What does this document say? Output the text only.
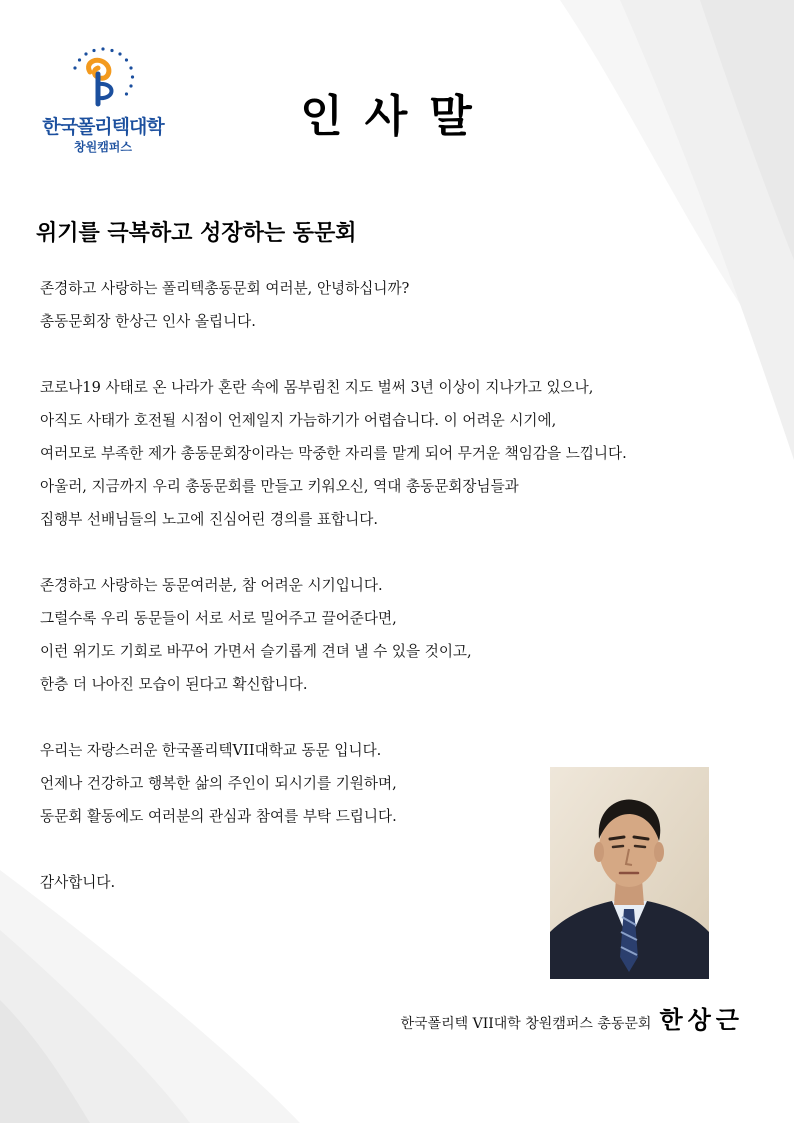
한국폴리텍대학
창원캠퍼스
인사말
위기를 극복하고 성장하는 동문회
존경하고 사랑하는 폴리텍총동문회 여러분, 안녕하십니까?
총동문회장 한상근 인사 올립니다.
코로나19 사태로 온 나라가 혼란 속에 몸부림친 지도 벌써 3년 이상이 지나가고 있으나,
아직도 사태가 호전될 시점이 언제일지 가늠하기가 어렵습니다. 이 어려운 시기에,
여러모로 부족한 제가 총동문회장이라는 막중한 자리를 맡게 되어 무거운 책임감을 느낍니다.
아울러, 지금까지 우리 총동문회를 만들고 키워오신, 역대 총동문회장님들과
집행부 선배님들의 노고에 진심어린 경의를 표합니다.
존경하고 사랑하는 동문여러분, 참 어려운 시기입니다.
그럴수록 우리 동문들이 서로 서로 밀어주고 끌어준다면,
이런 위기도 기회로 바꾸어 가면서 슬기롭게 견뎌 낼 수 있을 것이고,
한층 더 나아진 모습이 된다고 확신합니다.
우리는 자랑스러운 한국폴리텍VII대학교 동문 입니다.
언제나 건강하고 행복한 삶의 주인이 되시기를 기원하며,
동문회 활동에도 여러분의 관심과 참여를 부탁 드립니다.
감사합니다.
한국폴리텍 VII대학 창원캠퍼스 총동문회 한상근
